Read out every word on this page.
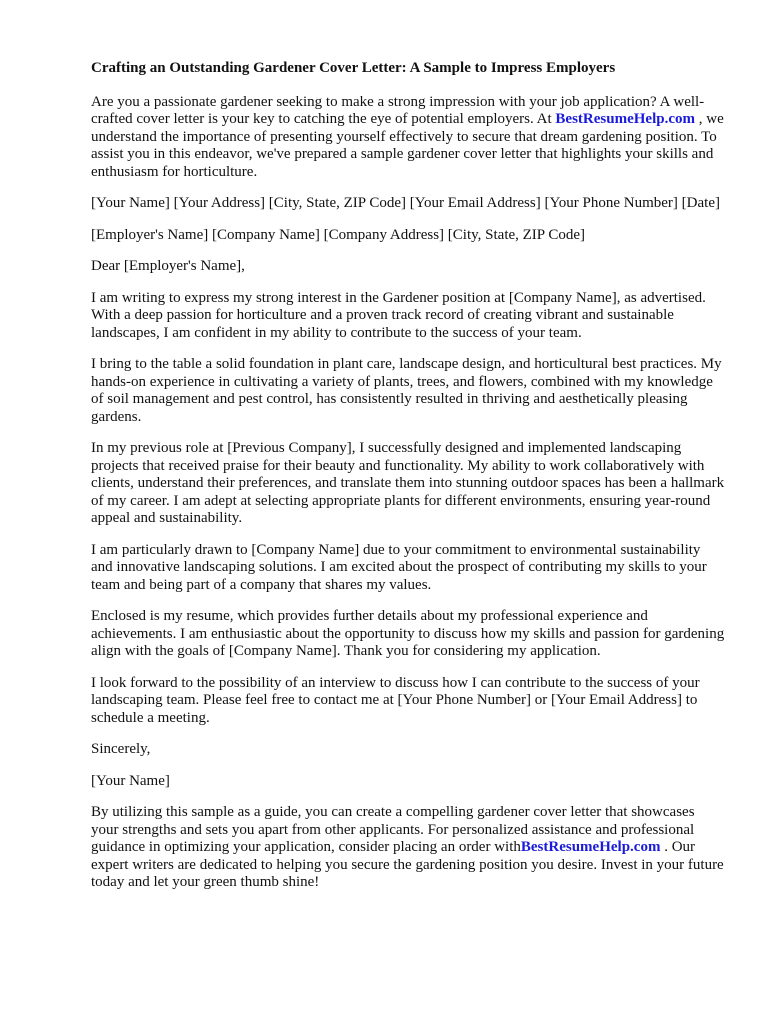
Crafting an Outstanding Gardener Cover Letter: A Sample to Impress Employers

Are you a passionate gardener seeking to make a strong impression with your job application? A well-crafted cover letter is your key to catching the eye of potential employers. At BestResumeHelp.com , we understand the importance of presenting yourself effectively to secure that dream gardening position. To assist you in this endeavor, we've prepared a sample gardener cover letter that highlights your skills and enthusiasm for horticulture.

[Your Name] [Your Address] [City, State, ZIP Code] [Your Email Address] [Your Phone Number] [Date]

[Employer's Name] [Company Name] [Company Address] [City, State, ZIP Code]

Dear [Employer's Name],

I am writing to express my strong interest in the Gardener position at [Company Name], as advertised. With a deep passion for horticulture and a proven track record of creating vibrant and sustainable landscapes, I am confident in my ability to contribute to the success of your team.

I bring to the table a solid foundation in plant care, landscape design, and horticultural best practices. My hands-on experience in cultivating a variety of plants, trees, and flowers, combined with my knowledge of soil management and pest control, has consistently resulted in thriving and aesthetically pleasing gardens.

In my previous role at [Previous Company], I successfully designed and implemented landscaping projects that received praise for their beauty and functionality. My ability to work collaboratively with clients, understand their preferences, and translate them into stunning outdoor spaces has been a hallmark of my career. I am adept at selecting appropriate plants for different environments, ensuring year-round appeal and sustainability.

I am particularly drawn to [Company Name] due to your commitment to environmental sustainability and innovative landscaping solutions. I am excited about the prospect of contributing my skills to your team and being part of a company that shares my values.

Enclosed is my resume, which provides further details about my professional experience and achievements. I am enthusiastic about the opportunity to discuss how my skills and passion for gardening align with the goals of [Company Name]. Thank you for considering my application.

I look forward to the possibility of an interview to discuss how I can contribute to the success of your landscaping team. Please feel free to contact me at [Your Phone Number] or [Your Email Address] to schedule a meeting.

Sincerely,

[Your Name]

By utilizing this sample as a guide, you can create a compelling gardener cover letter that showcases your strengths and sets you apart from other applicants. For personalized assistance and professional guidance in optimizing your application, consider placing an order withBestResumeHelp.com . Our expert writers are dedicated to helping you secure the gardening position you desire. Invest in your future today and let your green thumb shine!
